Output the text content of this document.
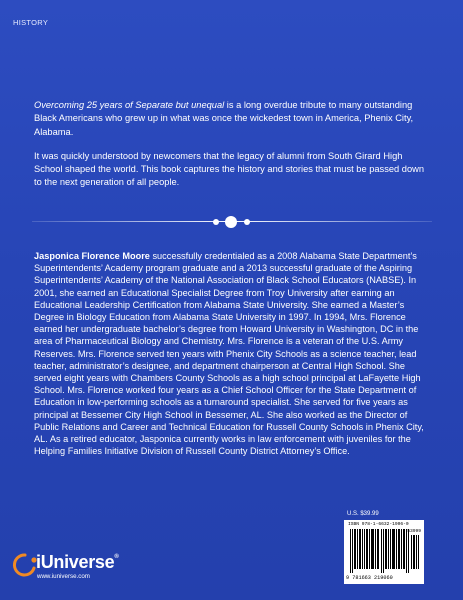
HISTORY

Overcoming 25 years of Separate but unequal is a long overdue tribute to many outstanding Black Americans who grew up in what was once the wickedest town in America, Phenix City, Alabama.

It was quickly understood by newcomers that the legacy of alumni from South Girard High School shaped the world. This book captures the history and stories that must be passed down to the next generation of all people.

Jasponica Florence Moore successfully credentialed as a 2008 Alabama State Department’s Superintendents’ Academy program graduate and a 2013 successful graduate of the Aspiring Superintendents’ Academy of the National Association of Black School Educators (NABSE). In 2001, she earned an Educational Specialist Degree from Troy University after earning an Educational Leadership Certification from Alabama State University. She earned a Master’s Degree in Biology Education from Alabama State University in 1997. In 1994, Mrs. Florence earned her undergraduate bachelor’s degree from Howard University in Washington, DC in the area of Pharmaceutical Biology and Chemistry. Mrs. Florence is a veteran of the U.S. Army Reserves. Mrs. Florence served ten years with Phenix City Schools as a science teacher, lead teacher, administrator’s designee, and department chairperson at Central High School. She served eight years with Chambers County Schools as a high school principal at LaFayette High School. Mrs. Florence worked four years as a Chief School Officer for the State Department of Education in low-performing schools as a turnaround specialist. She served for five years as principal at Bessemer City High School in Bessemer, AL. She also worked as the Director of Public Relations and Career and Technical Education for Russell County Schools in Phenix City, AL. As a retired educator, Jasponica currently works in law enforcement with juveniles for the Helping Families Initiative Division of Russell County District Attorney’s Office.
U.S. $39.99
ISBN 978-1-6632-1906-0
53999
9 781663 219060
iUniverse®
www.iuniverse.com
